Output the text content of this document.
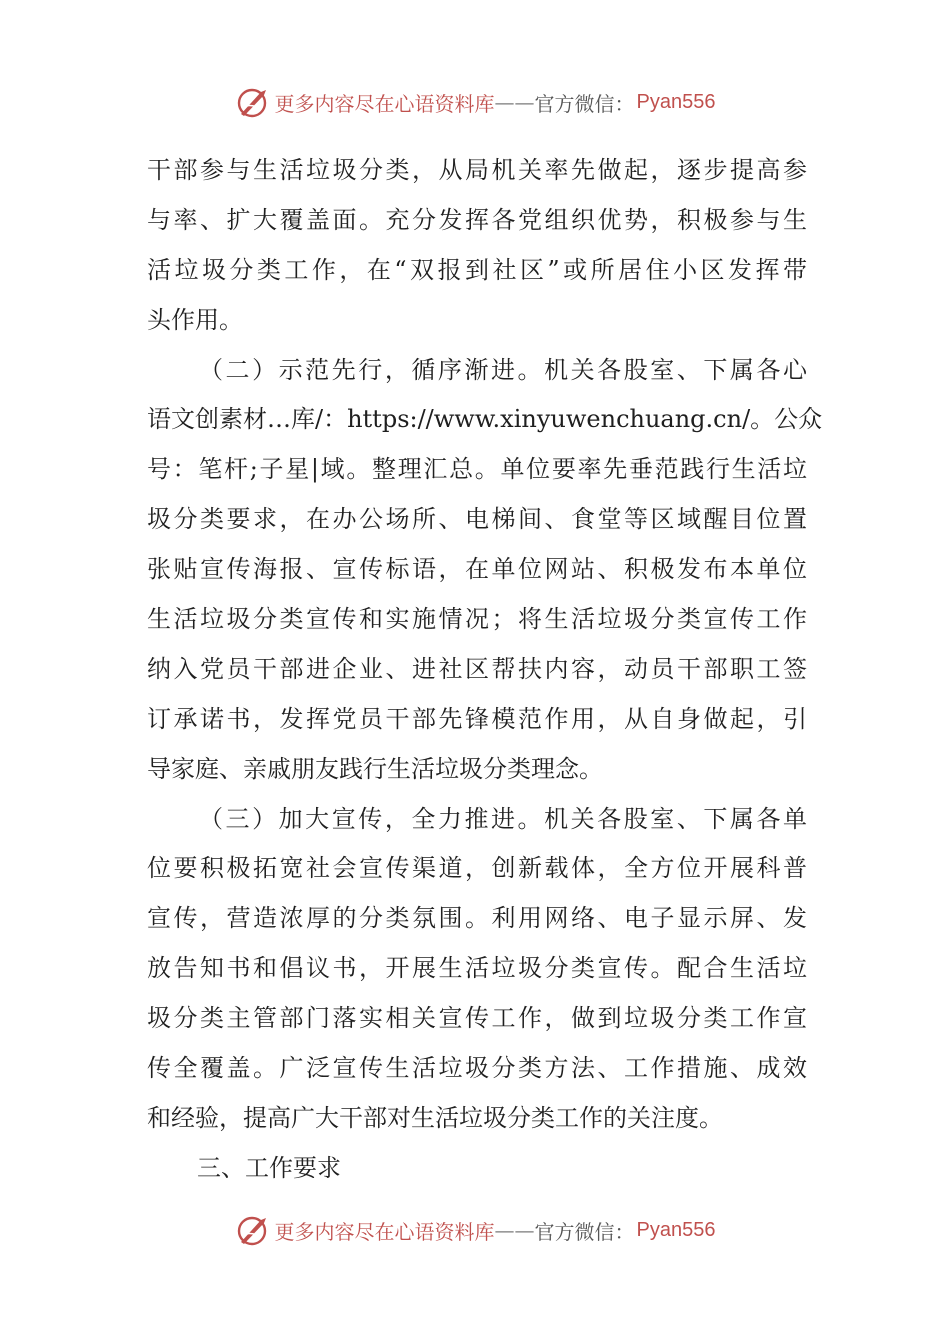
更多内容尽在心语资料库 —— 官方微信： Pyan556
干部参与生活垃圾分类，从局机关率先做起，逐步提高参
与率、扩大覆盖面。充分发挥各党组织优势，积极参与生
活垃圾分类工作，在“双报到社区”或所居住小区发挥带
头作用。
（二）示范先行，循序渐进。机关各股室、下属各心
语文创素材…库/：https://www.xinyuwenchuang.cn/。公众
号：笔杆;子星|域。整理汇总。单位要率先垂范践行生活垃
圾分类要求，在办公场所、电梯间、食堂等区域醒目位置
张贴宣传海报、宣传标语，在单位网站、积极发布本单位
生活垃圾分类宣传和实施情况；将生活垃圾分类宣传工作
纳入党员干部进企业、进社区帮扶内容，动员干部职工签
订承诺书，发挥党员干部先锋模范作用，从自身做起，引
导家庭、亲戚朋友践行生活垃圾分类理念。
（三）加大宣传，全力推进。机关各股室、下属各单
位要积极拓宽社会宣传渠道，创新载体，全方位开展科普
宣传，营造浓厚的分类氛围。利用网络、电子显示屏、发
放告知书和倡议书，开展生活垃圾分类宣传。配合生活垃
圾分类主管部门落实相关宣传工作，做到垃圾分类工作宣
传全覆盖。广泛宣传生活垃圾分类方法、工作措施、成效
和经验，提高广大干部对生活垃圾分类工作的关注度。
三、工作要求
更多内容尽在心语资料库 —— 官方微信： Pyan556
